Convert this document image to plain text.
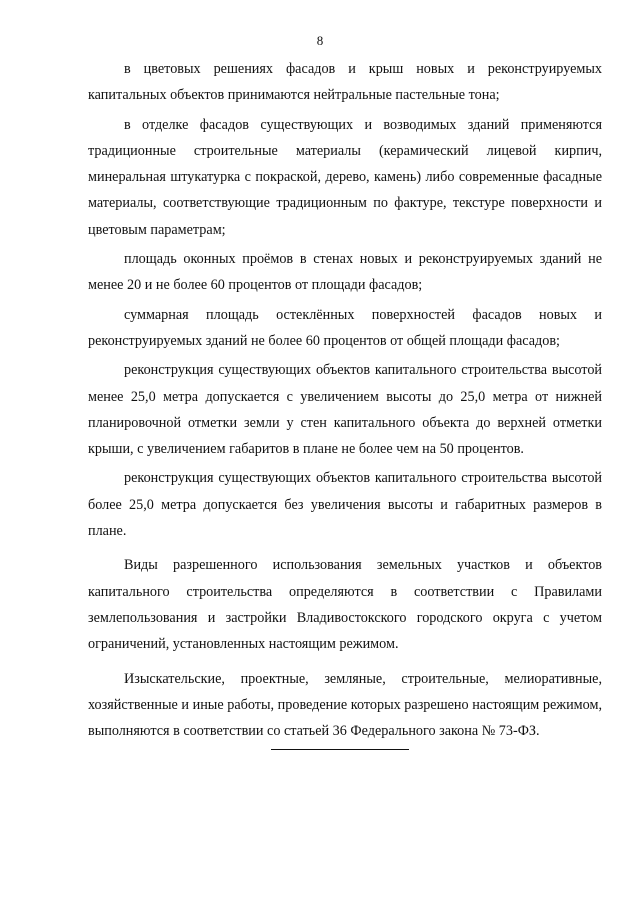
8

в цветовых решениях фасадов и крыш новых и реконструируемых капитальных объектов принимаются нейтральные пастельные тона;

в отделке фасадов существующих и возводимых зданий применяются традиционные строительные материалы (керамический лицевой кирпич, минеральная штукатурка с покраской, дерево, камень) либо современные фасадные материалы, соответствующие традиционным по фактуре, текстуре поверхности и цветовым параметрам;

площадь оконных проёмов в стенах новых и реконструируемых зданий не менее 20 и не более 60 процентов от площади фасадов;

суммарная площадь остеклённых поверхностей фасадов новых и реконструируемых зданий не более 60 процентов от общей площади фасадов;

реконструкция существующих объектов капитального строительства высотой менее 25,0 метра допускается с увеличением высоты до 25,0 метра от нижней планировочной отметки земли у стен капитального объекта до верхней отметки крыши, с увеличением габаритов в плане не более чем на 50 процентов.

реконструкция существующих объектов капитального строительства высотой более 25,0 метра допускается без увеличения высоты и габаритных размеров в плане.

Виды разрешенного использования земельных участков и объектов капитального строительства определяются в соответствии с Правилами землепользования и застройки Владивостокского городского округа с учетом ограничений, установленных настоящим режимом.

Изыскательские, проектные, земляные, строительные, мелиоративные, хозяйственные и иные работы, проведение которых разрешено настоящим режимом, выполняются в соответствии со статьей 36 Федерального закона № 73-ФЗ.
